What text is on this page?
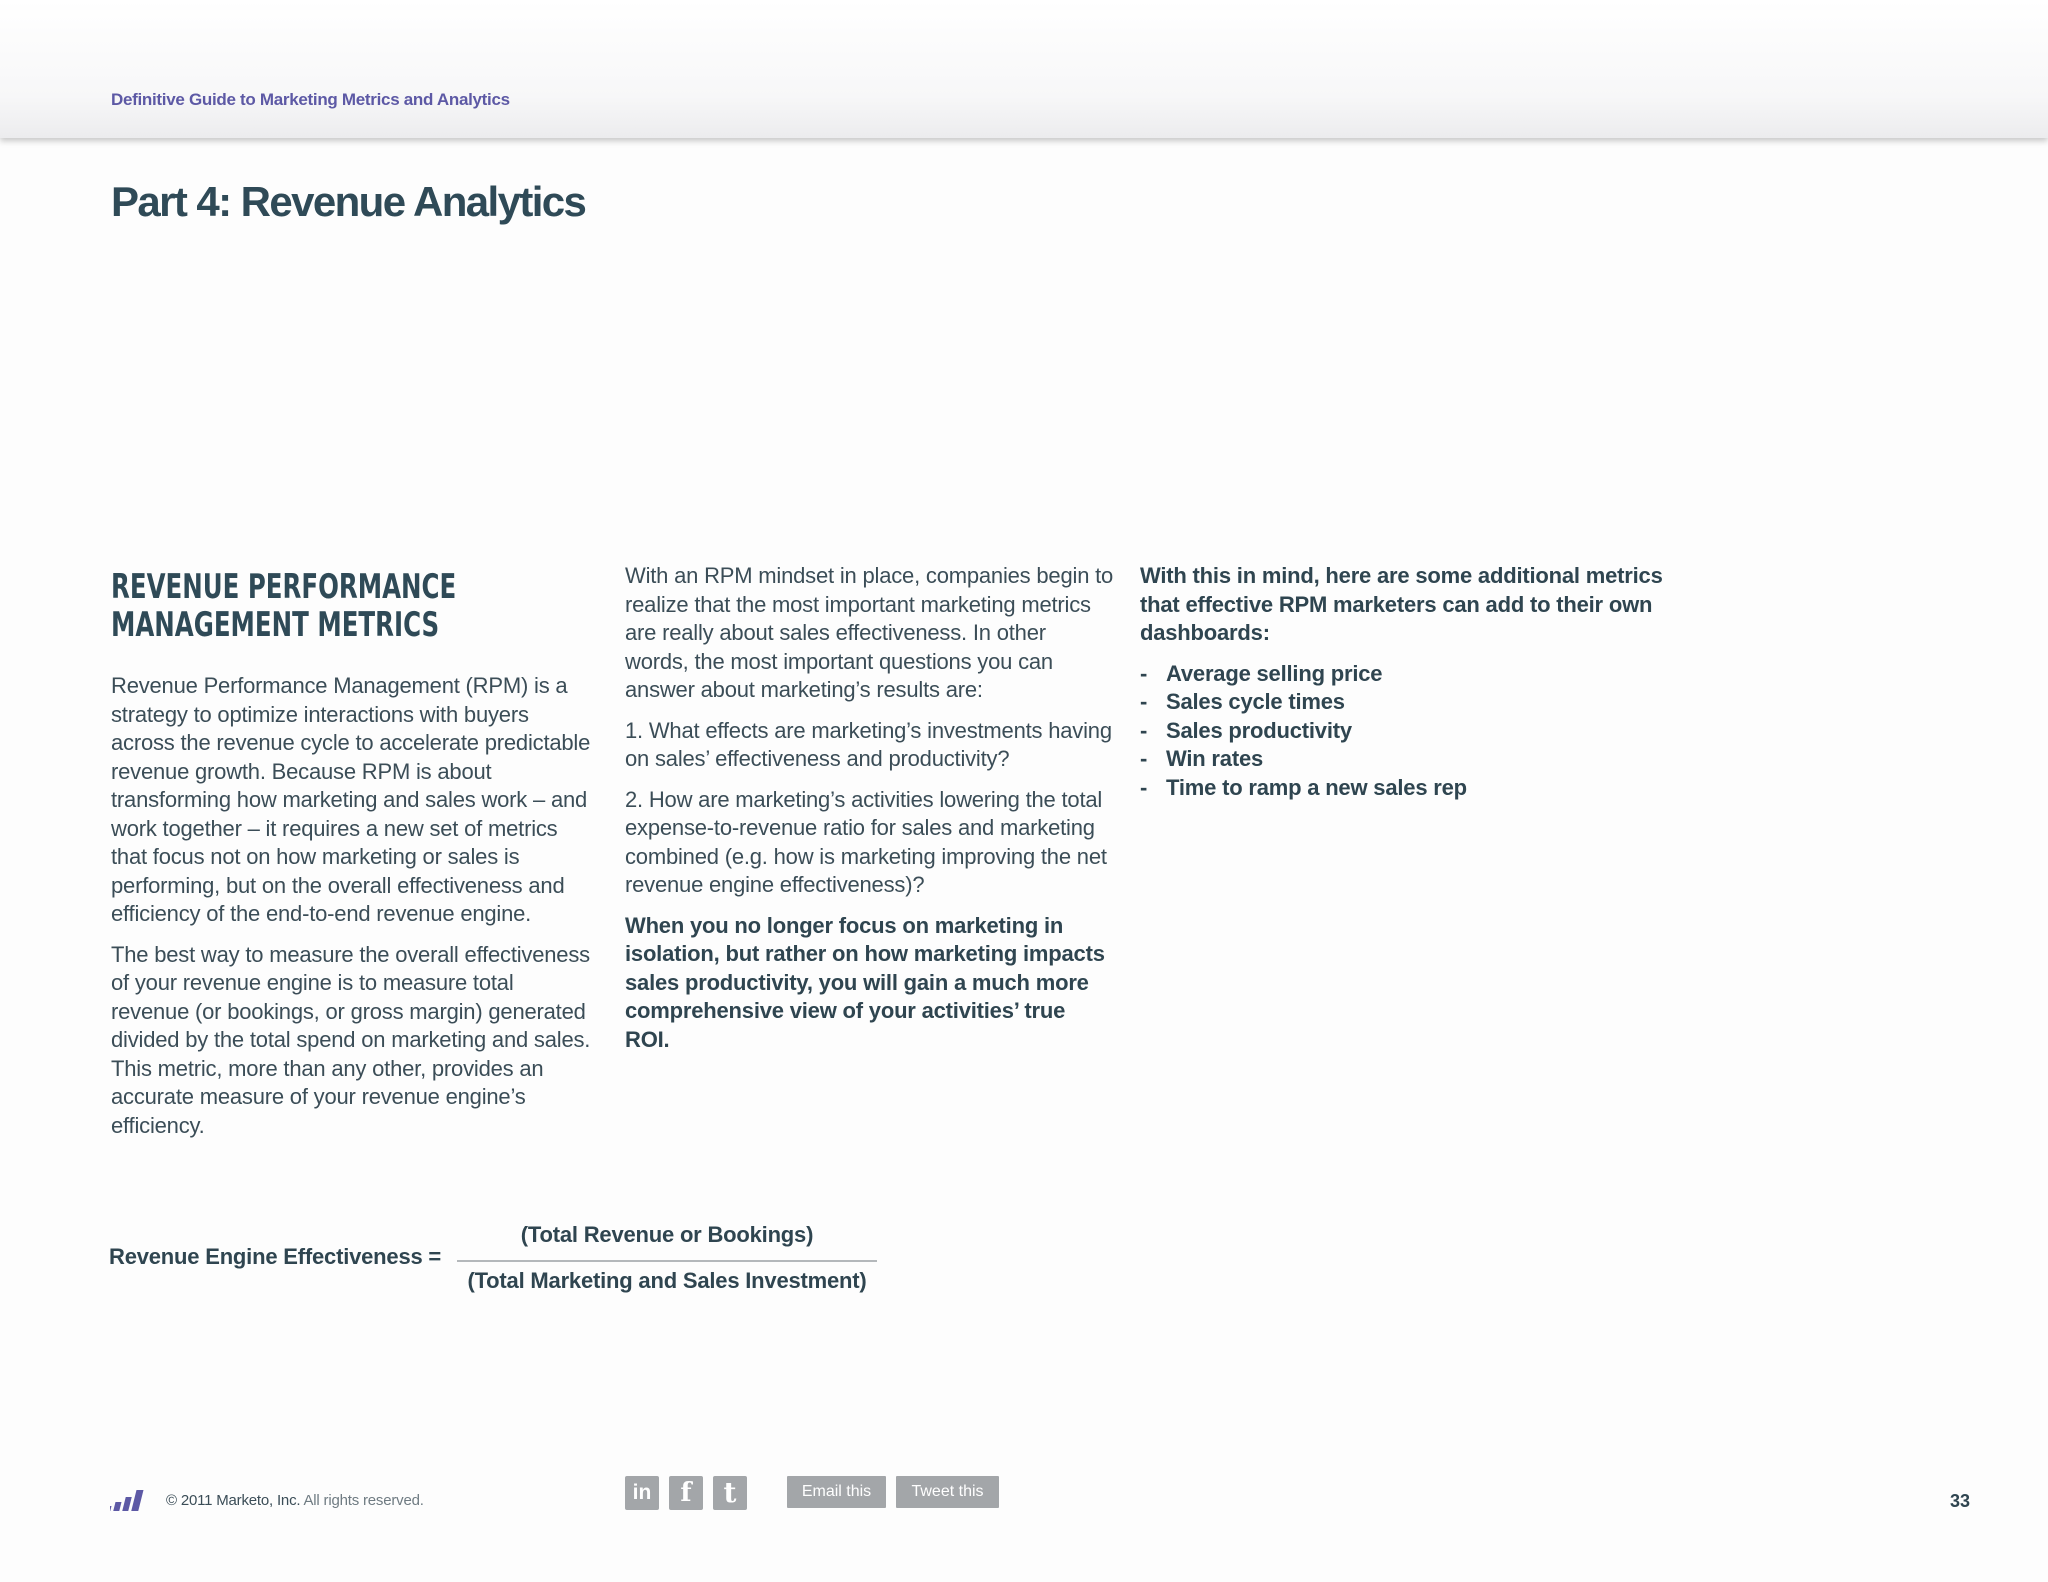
Definitive Guide to Marketing Metrics and Analytics
Part 4: Revenue Analytics
REVENUE PERFORMANCE
MANAGEMENT METRICS

Revenue Performance Management (RPM) is a strategy to optimize interactions with buyers across the revenue cycle to accelerate predictable revenue growth. Because RPM is about transforming how marketing and sales work – and work together – it requires a new set of metrics that focus not on how marketing or sales is performing, but on the overall effectiveness and efficiency of the end-to-end revenue engine.

The best way to measure the overall effectiveness of your revenue engine is to measure total revenue (or bookings, or gross margin) generated divided by the total spend on marketing and sales. This metric, more than any other, provides an accurate measure of your revenue engine’s efficiency.

With an RPM mindset in place, companies begin to realize that the most important marketing metrics are really about sales effectiveness. In other words, the most important questions you can answer about marketing’s results are:

1. What effects are marketing’s investments having on sales’ effectiveness and productivity?

2. How are marketing’s activities lowering the total expense-to-revenue ratio for sales and marketing combined (e.g. how is marketing improving the net revenue engine effectiveness)?

When you no longer focus on marketing in isolation, but rather on how marketing impacts sales productivity, you will gain a much more comprehensive view of your activities’ true ROI.

With this in mind, here are some additional metrics that effective RPM marketers can add to their own dashboards:

- Average selling price
- Sales cycle times
- Sales productivity
- Win rates
- Time to ramp a new sales rep
Revenue Engine Effectiveness =
(Total Revenue or Bookings)
(Total Marketing and Sales Investment)
© 2011 Marketo, Inc. All rights reserved.	in	f	t	Email this	Tweet this	33
